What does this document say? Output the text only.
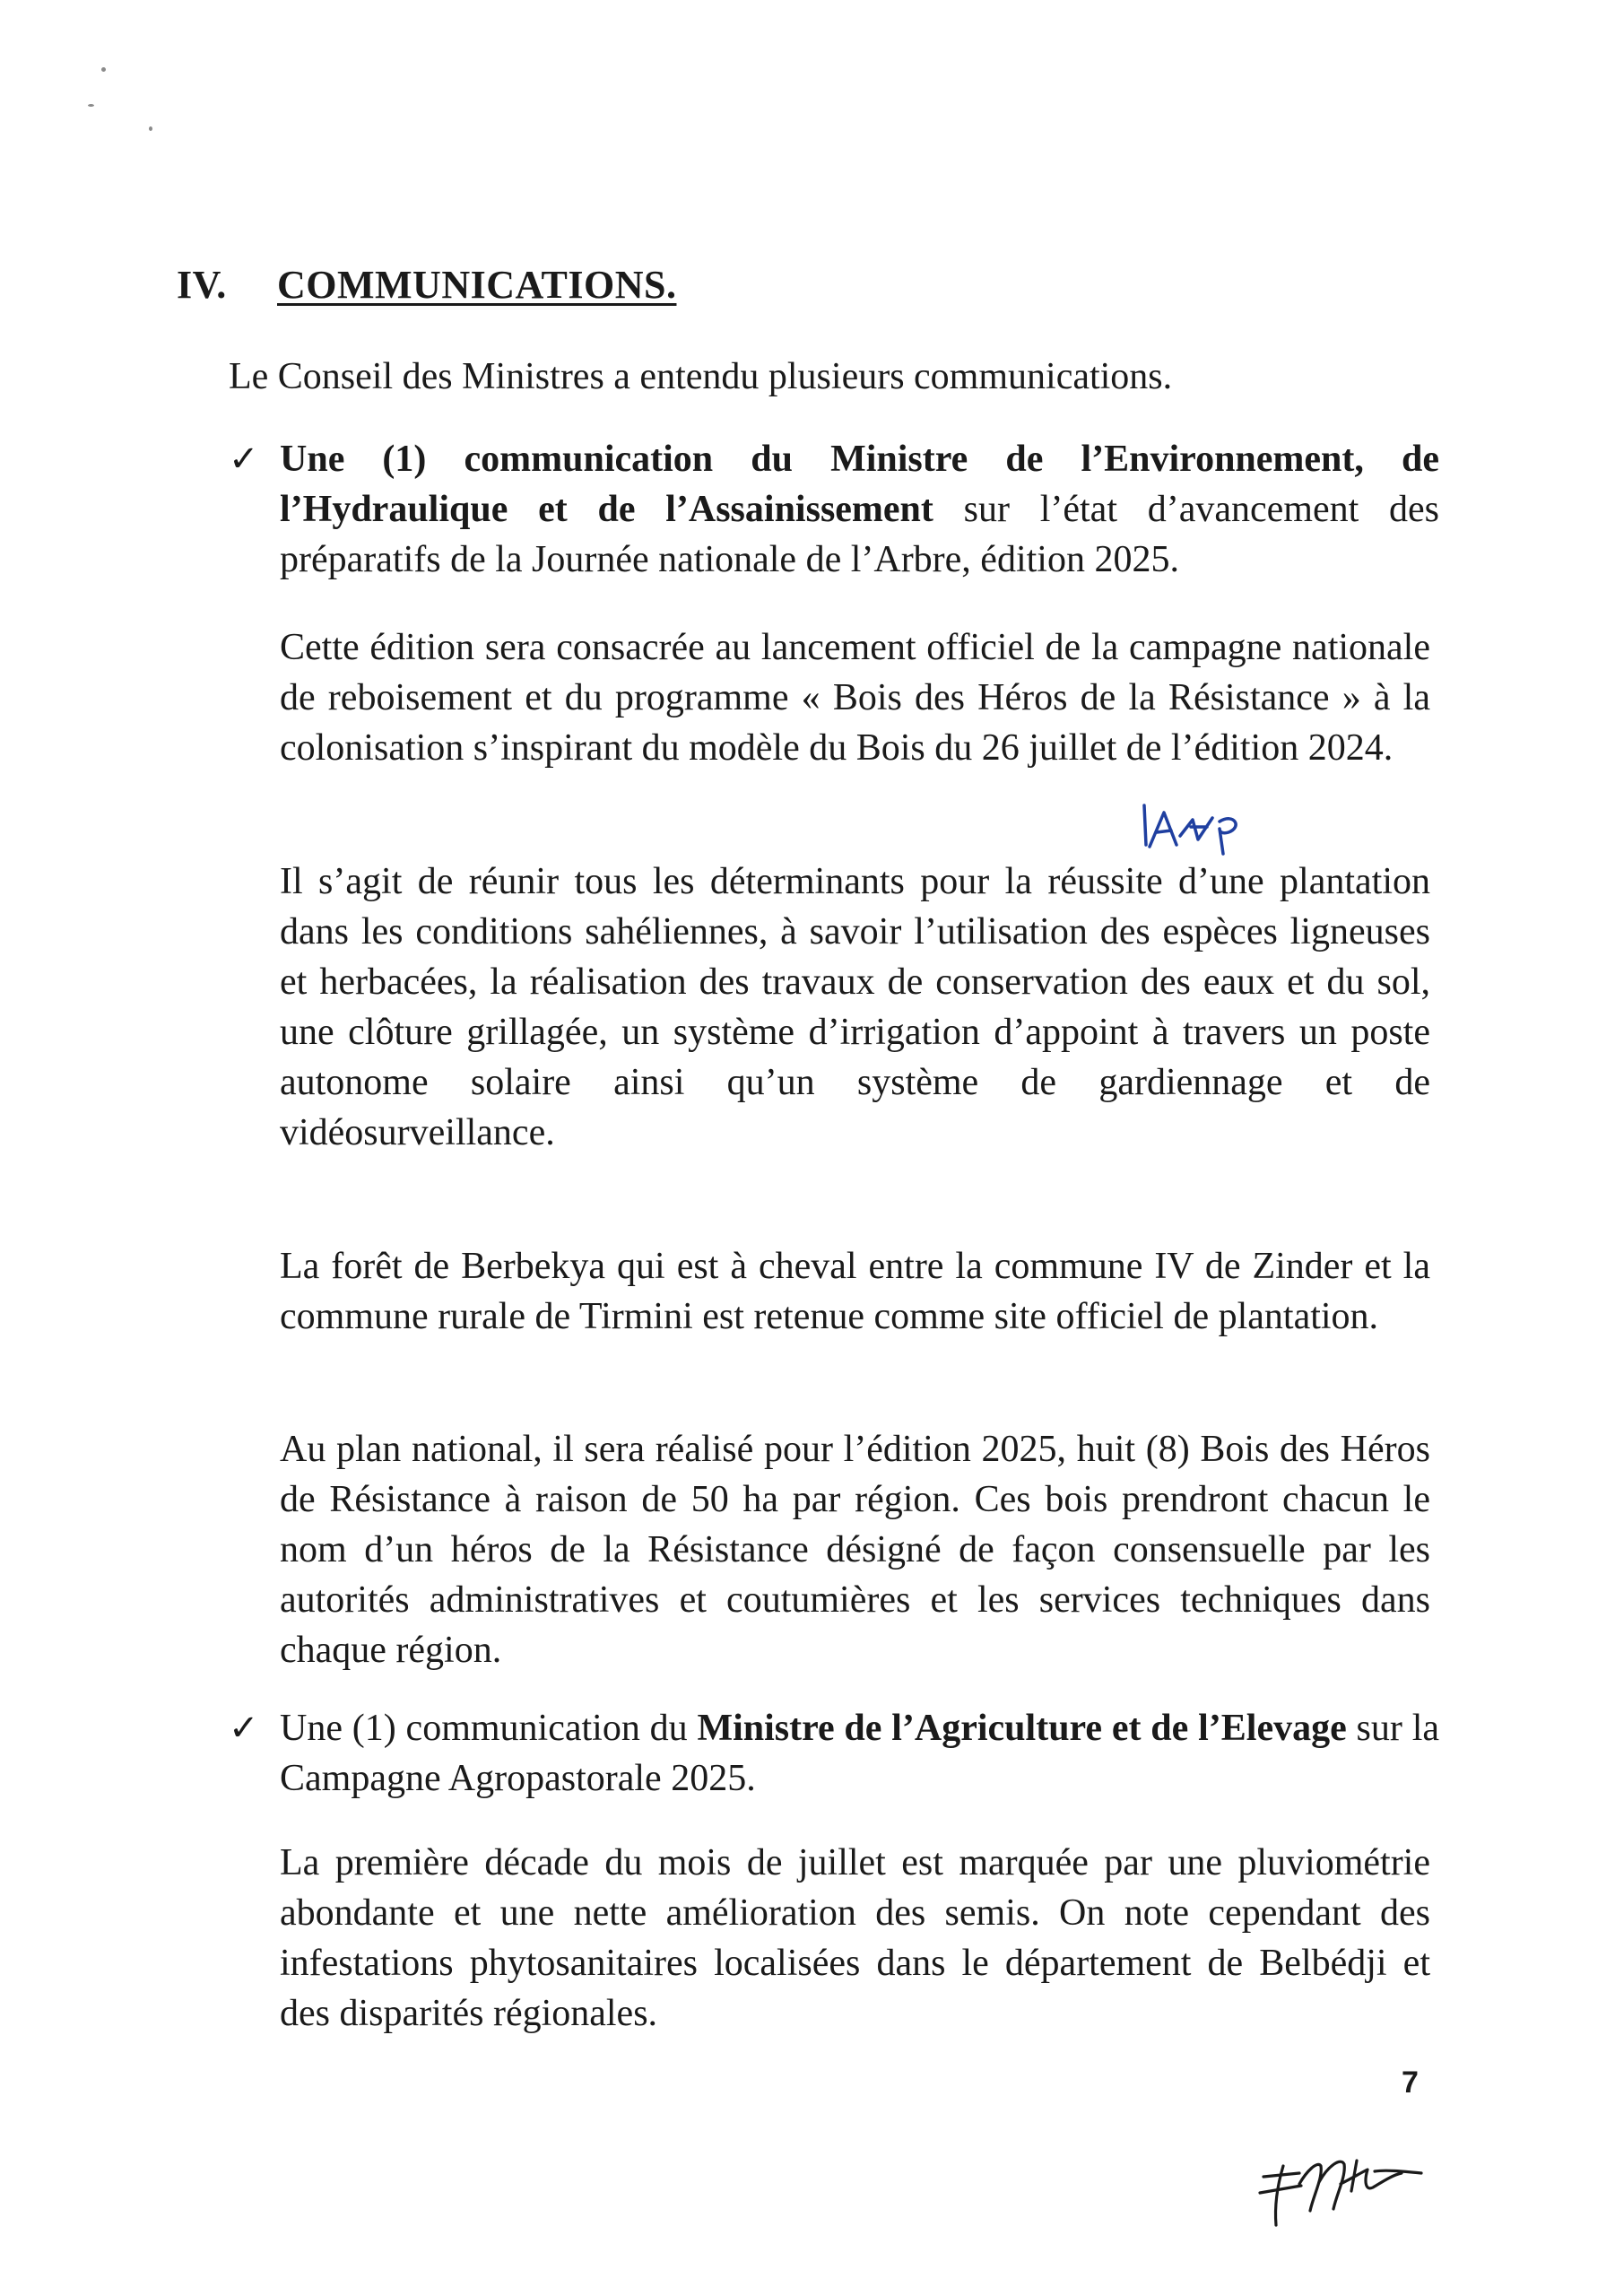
IV. COMMUNICATIONS.
Le Conseil des Ministres a entendu plusieurs communications.
✓ Une (1) communication du Ministre de l’Environnement, de l’Hydraulique et de l’Assainissement sur l’état d’avancement des préparatifs de la Journée nationale de l’Arbre, édition 2025.

Cette édition sera consacrée au lancement officiel de la campagne nationale de reboisement et du programme « Bois des Héros de la Résistance » à la colonisation s’inspirant du modèle du Bois du 26 juillet de l’édition 2024.

Il s’agit de réunir tous les déterminants pour la réussite d’une plantation dans les conditions sahéliennes, à savoir l’utilisation des espèces ligneuses et herbacées, la réalisation des travaux de conservation des eaux et du sol, une clôture grillagée, un système d’irrigation d’appoint à travers un poste autonome solaire ainsi qu’un système de gardiennage et de vidéosurveillance.

La forêt de Berbekya qui est à cheval entre la commune IV de Zinder et la commune rurale de Tirmini est retenue comme site officiel de plantation.

Au plan national, il sera réalisé pour l’édition 2025, huit (8) Bois des Héros de Résistance à raison de 50 ha par région. Ces bois prendront chacun le nom d’un héros de la Résistance désigné de façon consensuelle par les autorités administratives et coutumières et les services techniques dans chaque région.

✓ Une (1) communication du Ministre de l’Agriculture et de l’Elevage sur la Campagne Agropastorale 2025.

La première décade du mois de juillet est marquée par une pluviométrie abondante et une nette amélioration des semis. On note cependant des infestations phytosanitaires localisées dans le département de Belbédji et des disparités régionales.

7
